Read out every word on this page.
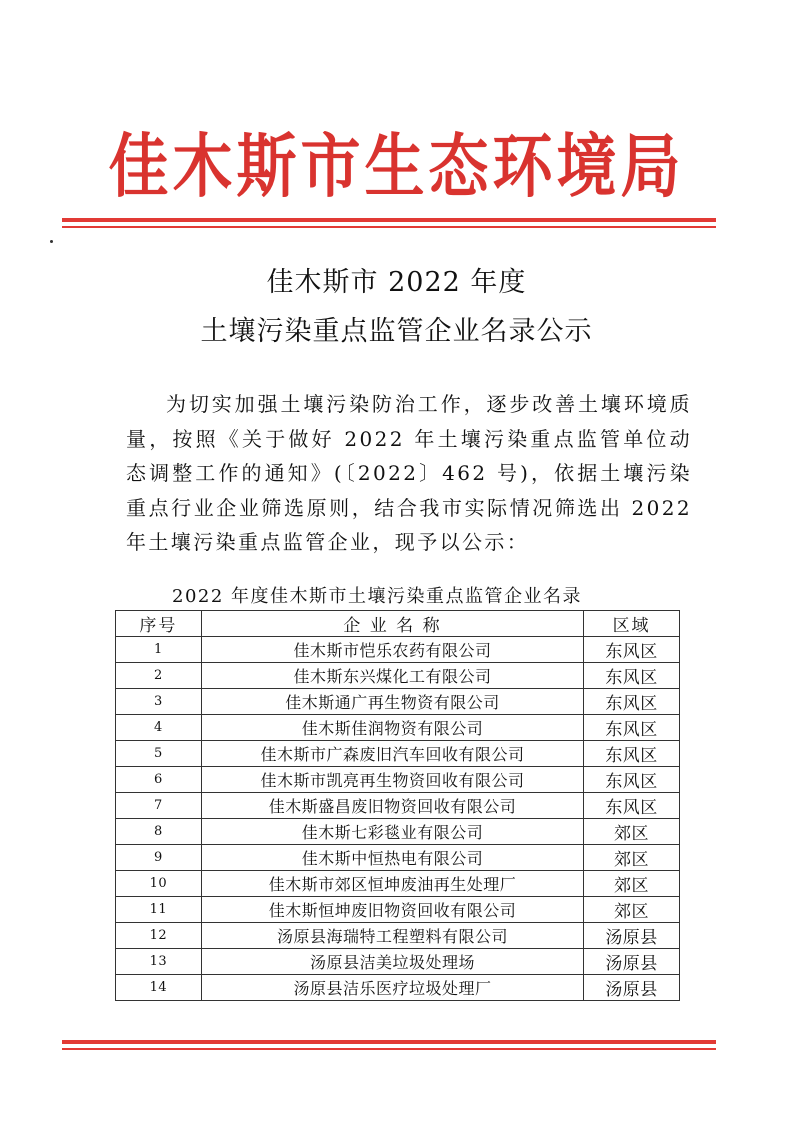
佳木斯市生态环境局
佳木斯市 2022 年度
土壤污染重点监管企业名录公示
为切实加强土壤污染防治工作，逐步改善土壤环境质量，按照《关于做好 2022 年土壤污染重点监管单位动态调整工作的通知》(〔2022〕462 号)，依据土壤污染重点行业企业筛选原则，结合我市实际情况筛选出 2022 年土壤污染重点监管企业，现予以公示：
2022 年度佳木斯市土壤污染重点监管企业名录
序号	企 业 名 称	区域
1	佳木斯市恺乐农药有限公司	东风区
2	佳木斯东兴煤化工有限公司	东风区
3	佳木斯通广再生物资有限公司	东风区
4	佳木斯佳润物资有限公司	东风区
5	佳木斯市广森废旧汽车回收有限公司	东风区
6	佳木斯市凯亮再生物资回收有限公司	东风区
7	佳木斯盛昌废旧物资回收有限公司	东风区
8	佳木斯七彩毯业有限公司	郊区
9	佳木斯中恒热电有限公司	郊区
10	佳木斯市郊区恒坤废油再生处理厂	郊区
11	佳木斯恒坤废旧物资回收有限公司	郊区
12	汤原县海瑞特工程塑料有限公司	汤原县
13	汤原县洁美垃圾处理场	汤原县
14	汤原县洁乐医疗垃圾处理厂	汤原县
